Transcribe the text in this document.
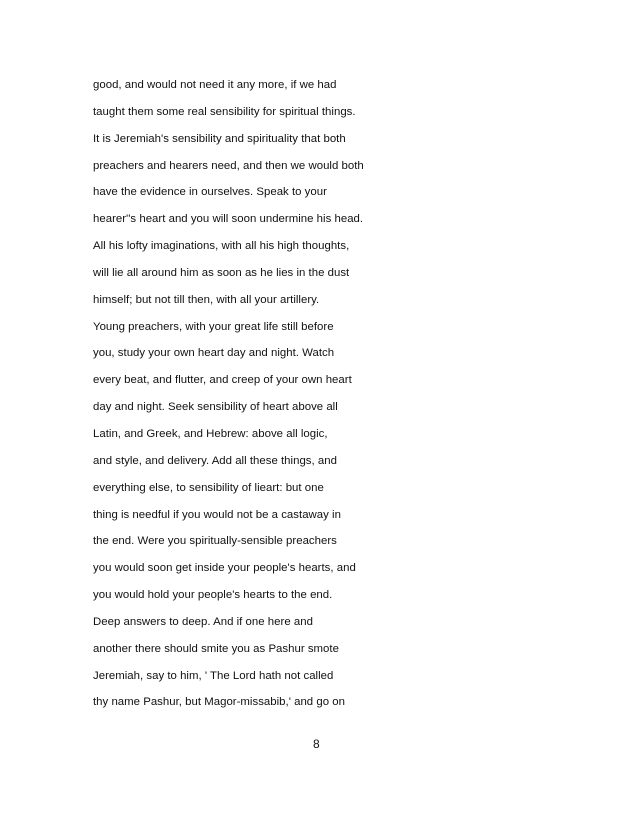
good, and would not need it any more, if we had
taught them some real sensibility for spiritual things.
It is Jeremiah's sensibility and spirituality that both
preachers and hearers need, and then we would both
have the evidence in ourselves. Speak to your
hearer''s heart and you will soon undermine his head.
All his lofty imaginations, with all his high thoughts,
will lie all around him as soon as he lies in the dust
himself; but not till then, with all your artillery.
Young preachers, with your great life still before
you, study your own heart day and night. Watch
every beat, and flutter, and creep of your own heart
day and night. Seek sensibility of heart above all
Latin, and Greek, and Hebrew: above all logic,
and style, and delivery. Add all these things, and
everything else, to sensibility of lieart: but one
thing is needful if you would not be a castaway in
the end. Were you spiritually-sensible preachers
you would soon get inside your people's hearts, and
you would hold your people's hearts to the end.
Deep answers to deep. And if one here and
another there should smite you as Pashur smote
Jeremiah, say to him, ' The Lord hath not called
thy name Pashur, but Magor-missabib,' and go on
8
